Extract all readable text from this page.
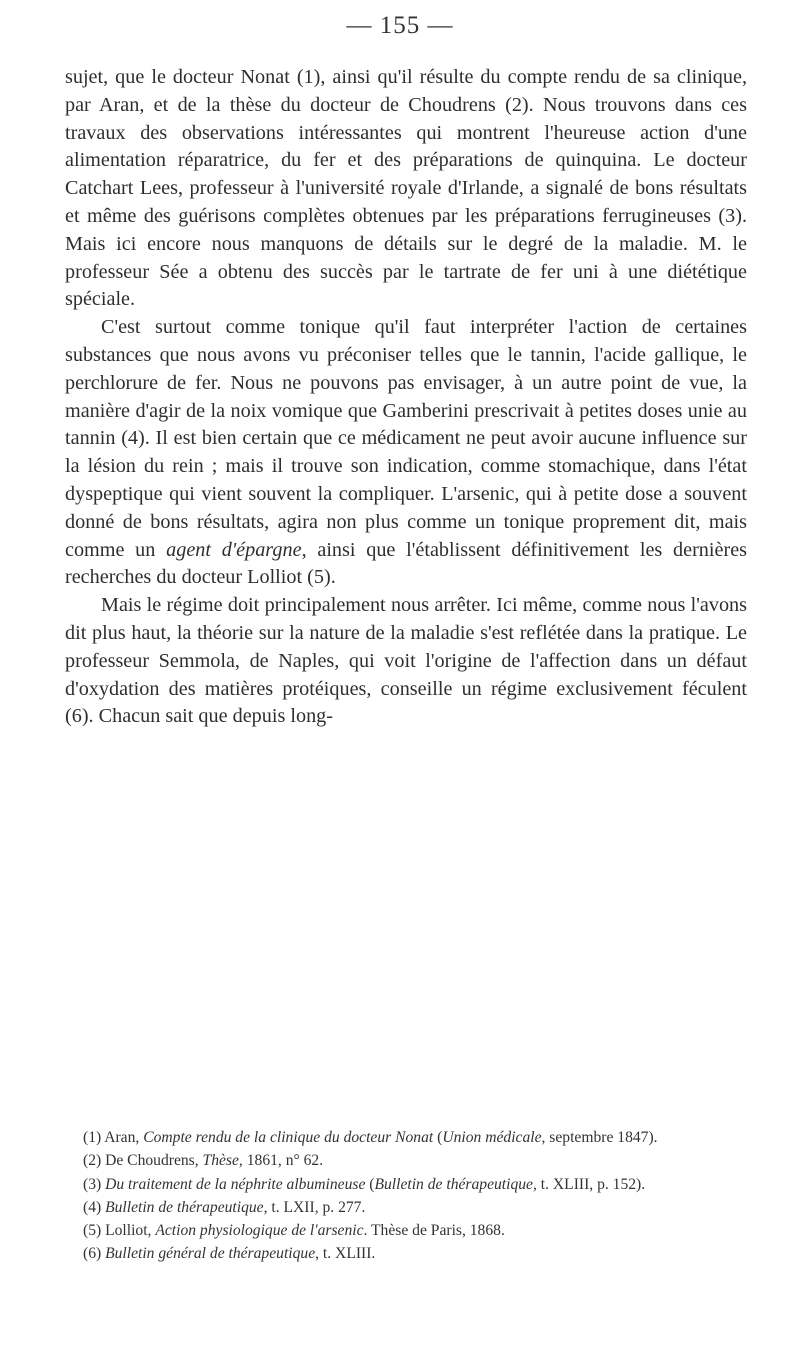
— 155 —

sujet, que le docteur Nonat (1), ainsi qu'il résulte du compte rendu de sa clinique, par Aran, et de la thèse du docteur de Choudrens (2). Nous trouvons dans ces travaux des observations intéressantes qui montrent l'heureuse action d'une alimentation réparatrice, du fer et des préparations de quinquina. Le docteur Catchart Lees, professeur à l'université royale d'Irlande, a signalé de bons résultats et même des guérisons complètes obtenues par les préparations ferrugineuses (3). Mais ici encore nous manquons de détails sur le degré de la maladie. M. le professeur Sée a obtenu des succès par le tartrate de fer uni à une diététique spéciale.

C'est surtout comme tonique qu'il faut interpréter l'action de certaines substances que nous avons vu préconiser telles que le tannin, l'acide gallique, le perchlorure de fer. Nous ne pouvons pas envisager, à un autre point de vue, la manière d'agir de la noix vomique que Gamberini prescrivait à petites doses unie au tannin (4). Il est bien certain que ce médicament ne peut avoir aucune influence sur la lésion du rein ; mais il trouve son indication, comme stomachique, dans l'état dyspeptique qui vient souvent la compliquer. L'arsenic, qui à petite dose a souvent donné de bons résultats, agira non plus comme un tonique proprement dit, mais comme un agent d'épargne, ainsi que l'établissent définitivement les dernières recherches du docteur Lolliot (5).

Mais le régime doit principalement nous arrêter. Ici même, comme nous l'avons dit plus haut, la théorie sur la nature de la maladie s'est reflétée dans la pratique. Le professeur Semmola, de Naples, qui voit l'origine de l'affection dans un défaut d'oxydation des matières protéiques, conseille un régime exclusivement féculent (6). Chacun sait que depuis long-

(1) Aran, Compte rendu de la clinique du docteur Nonat (Union médicale, septembre 1847).

(2) De Choudrens, Thèse, 1861, n° 62.

(3) Du traitement de la néphrite albumineuse (Bulletin de thérapeutique, t. XLIII, p. 152).

(4) Bulletin de thérapeutique, t. LXII, p. 277.

(5) Lolliot, Action physiologique de l'arsenic. Thèse de Paris, 1868.

(6) Bulletin général de thérapeutique, t. XLIII.
